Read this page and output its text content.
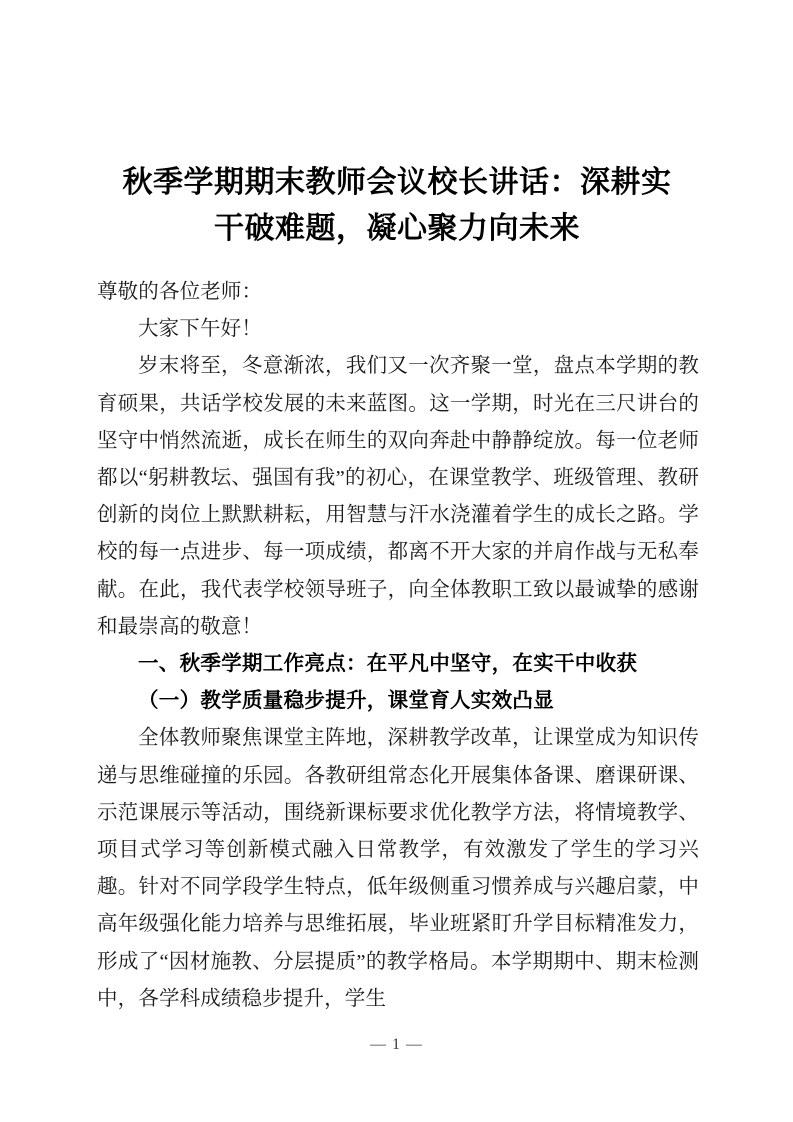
秋季学期期末教师会议校长讲话：深耕实
干破难题，凝心聚力向未来

尊敬的各位老师：

大家下午好！

岁末将至，冬意渐浓，我们又一次齐聚一堂，盘点本学期的教育硕果，共话学校发展的未来蓝图。这一学期，时光在三尺讲台的坚守中悄然流逝，成长在师生的双向奔赴中静静绽放。每一位老师都以“躬耕教坛、强国有我”的初心，在课堂教学、班级管理、教研创新的岗位上默默耕耘，用智慧与汗水浇灌着学生的成长之路。学校的每一点进步、每一项成绩，都离不开大家的并肩作战与无私奉献。在此，我代表学校领导班子，向全体教职工致以最诚挚的感谢和最崇高的敬意！

一、秋季学期工作亮点：在平凡中坚守，在实干中收获

（一）教学质量稳步提升，课堂育人实效凸显

全体教师聚焦课堂主阵地，深耕教学改革，让课堂成为知识传递与思维碰撞的乐园。各教研组常态化开展集体备课、磨课研课、示范课展示等活动，围绕新课标要求优化教学方法，将情境教学、项目式学习等创新模式融入日常教学，有效激发了学生的学习兴趣。针对不同学段学生特点，低年级侧重习惯养成与兴趣启蒙，中高年级强化能力培养与思维拓展，毕业班紧盯升学目标精准发力，形成了“因材施教、分层提质”的教学格局。本学期期中、期末检测中，各学科成绩稳步提升，学生

— 1 —
